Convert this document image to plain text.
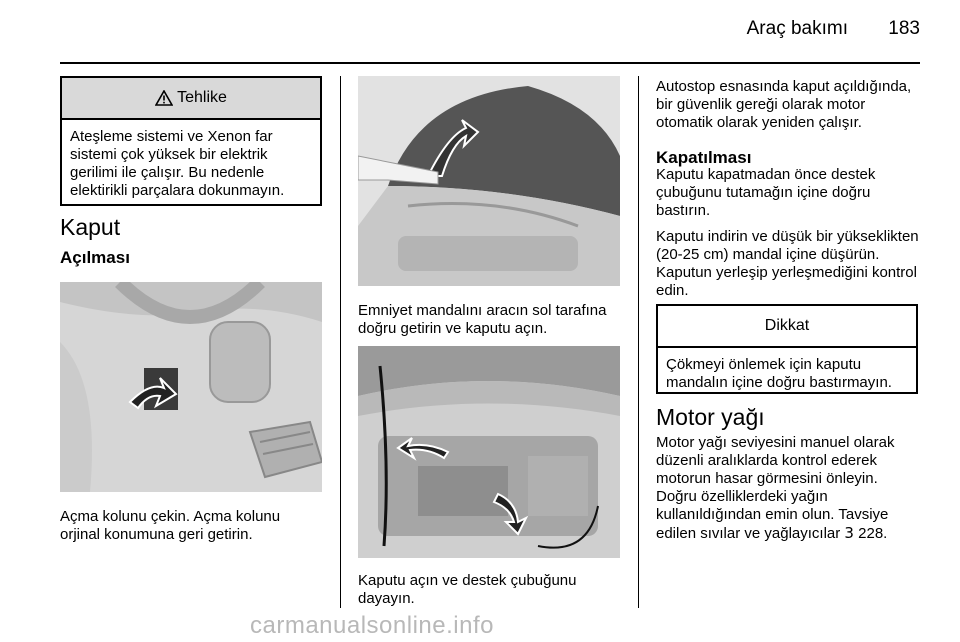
Araç bakımı 183
Tehlike
Ateşleme sistemi ve Xenon far sistemi çok yüksek bir elektrik gerilimi ile çalışır. Bu nedenle elektirikli parçalara dokunmayın.
Kaput
Açılması

Açma kolunu çekin. Açma kolunu orjinal konumuna geri getirin.

Emniyet mandalını aracın sol tarafına doğru getirin ve kaputu açın.

Kaputu açın ve destek çubuğunu dayayın.

Autostop esnasında kaput açıldığında, bir güvenlik gereği olarak motor otomatik olarak yeniden çalışır.

Kapatılması

Kaputu kapatmadan önce destek çubuğunu tutamağın içine doğru bastırın.

Kaputu indirin ve düşük bir yükseklikten (20-25 cm) mandal içine düşürün. Kaputun yerleşip yerleşmediğini kontrol edin.

Dikkat
Çökmeyi önlemek için kaputu mandalın içine doğru bastırmayın.
Motor yağı

Motor yağı seviyesini manuel olarak düzenli aralıklarda kontrol ederek motorun hasar görmesini önleyin. Doğru özelliklerdeki yağın kullanıldığından emin olun. Tavsiye edilen sıvılar ve yağlayıcılar 3 228.

carmanualsonline.info
